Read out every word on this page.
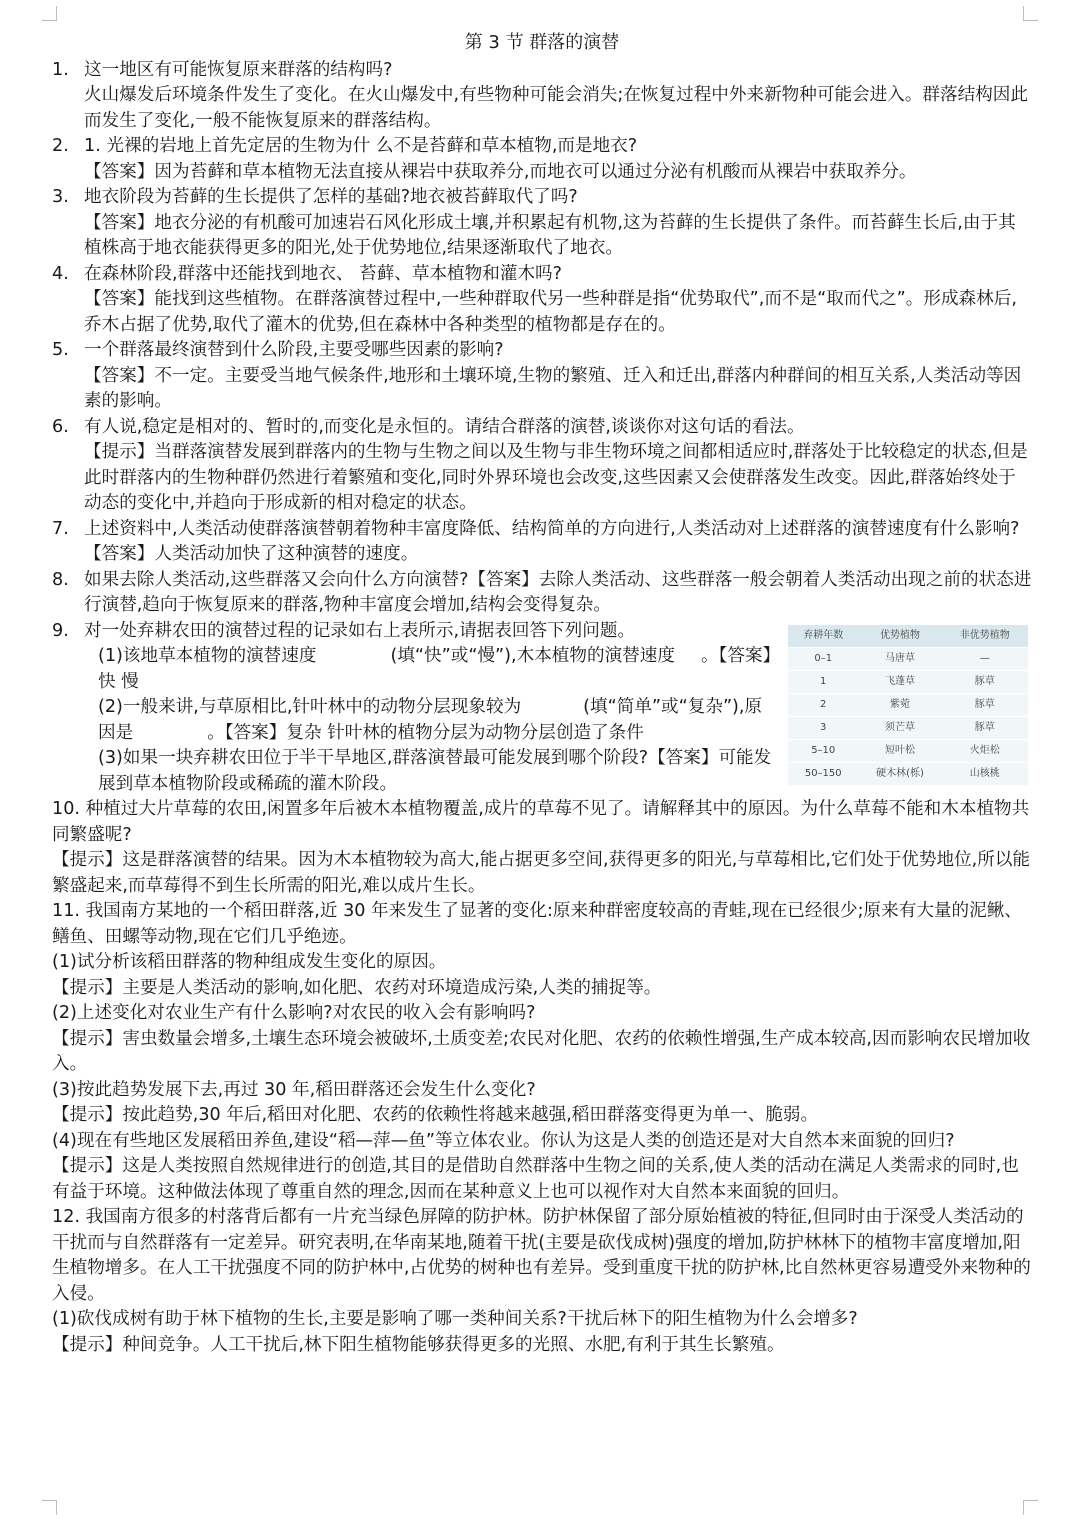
第 3 节 群落的演替
1. 这一地区有可能恢复原来群落的结构吗?
火山爆发后环境条件发生了变化。在火山爆发中,有些物种可能会消失;在恢复过程中外来新物种可能会进入。群落结构因此而发生了变化,一般不能恢复原来的群落结构。
2. 1. 光裸的岩地上首先定居的生物为什 么不是苔藓和草本植物,而是地衣?
【答案】因为苔藓和草本植物无法直接从裸岩中获取养分,而地衣可以通过分泌有机酸而从裸岩中获取养分。
3. 地衣阶段为苔藓的生长提供了怎样的基础?地衣被苔藓取代了吗?
【答案】地衣分泌的有机酸可加速岩石风化形成土壤,并积累起有机物,这为苔藓的生长提供了条件。而苔藓生长后,由于其植株高于地衣能获得更多的阳光,处于优势地位,结果逐渐取代了地衣。
4. 在森林阶段,群落中还能找到地衣、 苔藓、草本植物和灌木吗?
【答案】能找到这些植物。在群落演替过程中,一些种群取代另一些种群是指“优势取代”,而不是“取而代之”。形成森林后,乔木占据了优势,取代了灌木的优势,但在森林中各种类型的植物都是存在的。
5. 一个群落最终演替到什么阶段,主要受哪些因素的影响?
【答案】不一定。主要受当地气候条件,地形和土壤环境,生物的繁殖、迁入和迁出,群落内种群间的相互关系,人类活动等因素的影响。
6. 有人说,稳定是相对的、暂时的,而变化是永恒的。请结合群落的演替,谈谈你对这句话的看法。
【提示】当群落演替发展到群落内的生物与生物之间以及生物与非生物环境之间都相适应时,群落处于比较稳定的状态,但是此时群落内的生物种群仍然进行着繁殖和变化,同时外界环境也会改变,这些因素又会使群落发生改变。因此,群落始终处于动态的变化中,并趋向于形成新的相对稳定的状态。
7. 上述资料中,人类活动使群落演替朝着物种丰富度降低、结构简单的方向进行,人类活动对上述群落的演替速度有什么影响?【答案】人类活动加快了这种演替的速度。
8. 如果去除人类活动,这些群落又会向什么方向演替?【答案】去除人类活动、这些群落一般会朝着人类活动出现之前的状态进行演替,趋向于恢复原来的群落,物种丰富度会增加,结构会变得复杂。
9. 对一处弃耕农田的演替过程的记录如右上表所示,请据表回答下列问题。	弃耕年数	优势植物	非优势植物
0–1	马唐草	—
1	飞蓬草	豚草
2	紫菀	豚草
3	须芒草	豚草
5–10	短叶松	火炬松
50–150	硬木林(栎)	山核桃
(1)该地草本植物的演替速度	(填“快”或“慢”),木本植物的演替速度 。【答案】快 慢
(2)一般来讲,与草原相比,针叶林中的动物分层现象较为	(填“简单”或“复杂”),原因是	。【答案】复杂 针叶林的植物分层为动物分层创造了条件
(3)如果一块弃耕农田位于半干旱地区,群落演替最可能发展到哪个阶段?【答案】可能发展到草本植物阶段或稀疏的灌木阶段。
10. 种植过大片草莓的农田,闲置多年后被木本植物覆盖,成片的草莓不见了。请解释其中的原因。为什么草莓不能和木本植物共同繁盛呢?
【提示】这是群落演替的结果。因为木本植物较为高大,能占据更多空间,获得更多的阳光,与草莓相比,它们处于优势地位,所以能繁盛起来,而草莓得不到生长所需的阳光,难以成片生长。
11. 我国南方某地的一个稻田群落,近 30 年来发生了显著的变化:原来种群密度较高的青蛙,现在已经很少;原来有大量的泥鳅、鳝鱼、田螺等动物,现在它们几乎绝迹。
(1)试分析该稻田群落的物种组成发生变化的原因。
【提示】主要是人类活动的影响,如化肥、农药对环境造成污染,人类的捕捉等。
(2)上述变化对农业生产有什么影响?对农民的收入会有影响吗?
【提示】害虫数量会增多,土壤生态环境会被破坏,土质变差;农民对化肥、农药的依赖性增强,生产成本较高,因而影响农民增加收入。
(3)按此趋势发展下去,再过 30 年,稻田群落还会发生什么变化?
【提示】按此趋势,30 年后,稻田对化肥、农药的依赖性将越来越强,稻田群落变得更为单一、脆弱。
(4)现在有些地区发展稻田养鱼,建设“稻—萍—鱼”等立体农业。你认为这是人类的创造还是对大自然本来面貌的回归?
【提示】这是人类按照自然规律进行的创造,其目的是借助自然群落中生物之间的关系,使人类的活动在满足人类需求的同时,也有益于环境。这种做法体现了尊重自然的理念,因而在某种意义上也可以视作对大自然本来面貌的回归。
12. 我国南方很多的村落背后都有一片充当绿色屏障的防护林。防护林保留了部分原始植被的特征,但同时由于深受人类活动的干扰而与自然群落有一定差异。研究表明,在华南某地,随着干扰(主要是砍伐成树)强度的增加,防护林林下的植物丰富度增加,阳生植物增多。在人工干扰强度不同的防护林中,占优势的树种也有差异。受到重度干扰的防护林,比自然林更容易遭受外来物种的入侵。
(1)砍伐成树有助于林下植物的生长,主要是影响了哪一类种间关系?干扰后林下的阳生植物为什么会增多?
【提示】种间竞争。人工干扰后,林下阳生植物能够获得更多的光照、水肥,有利于其生长繁殖。
